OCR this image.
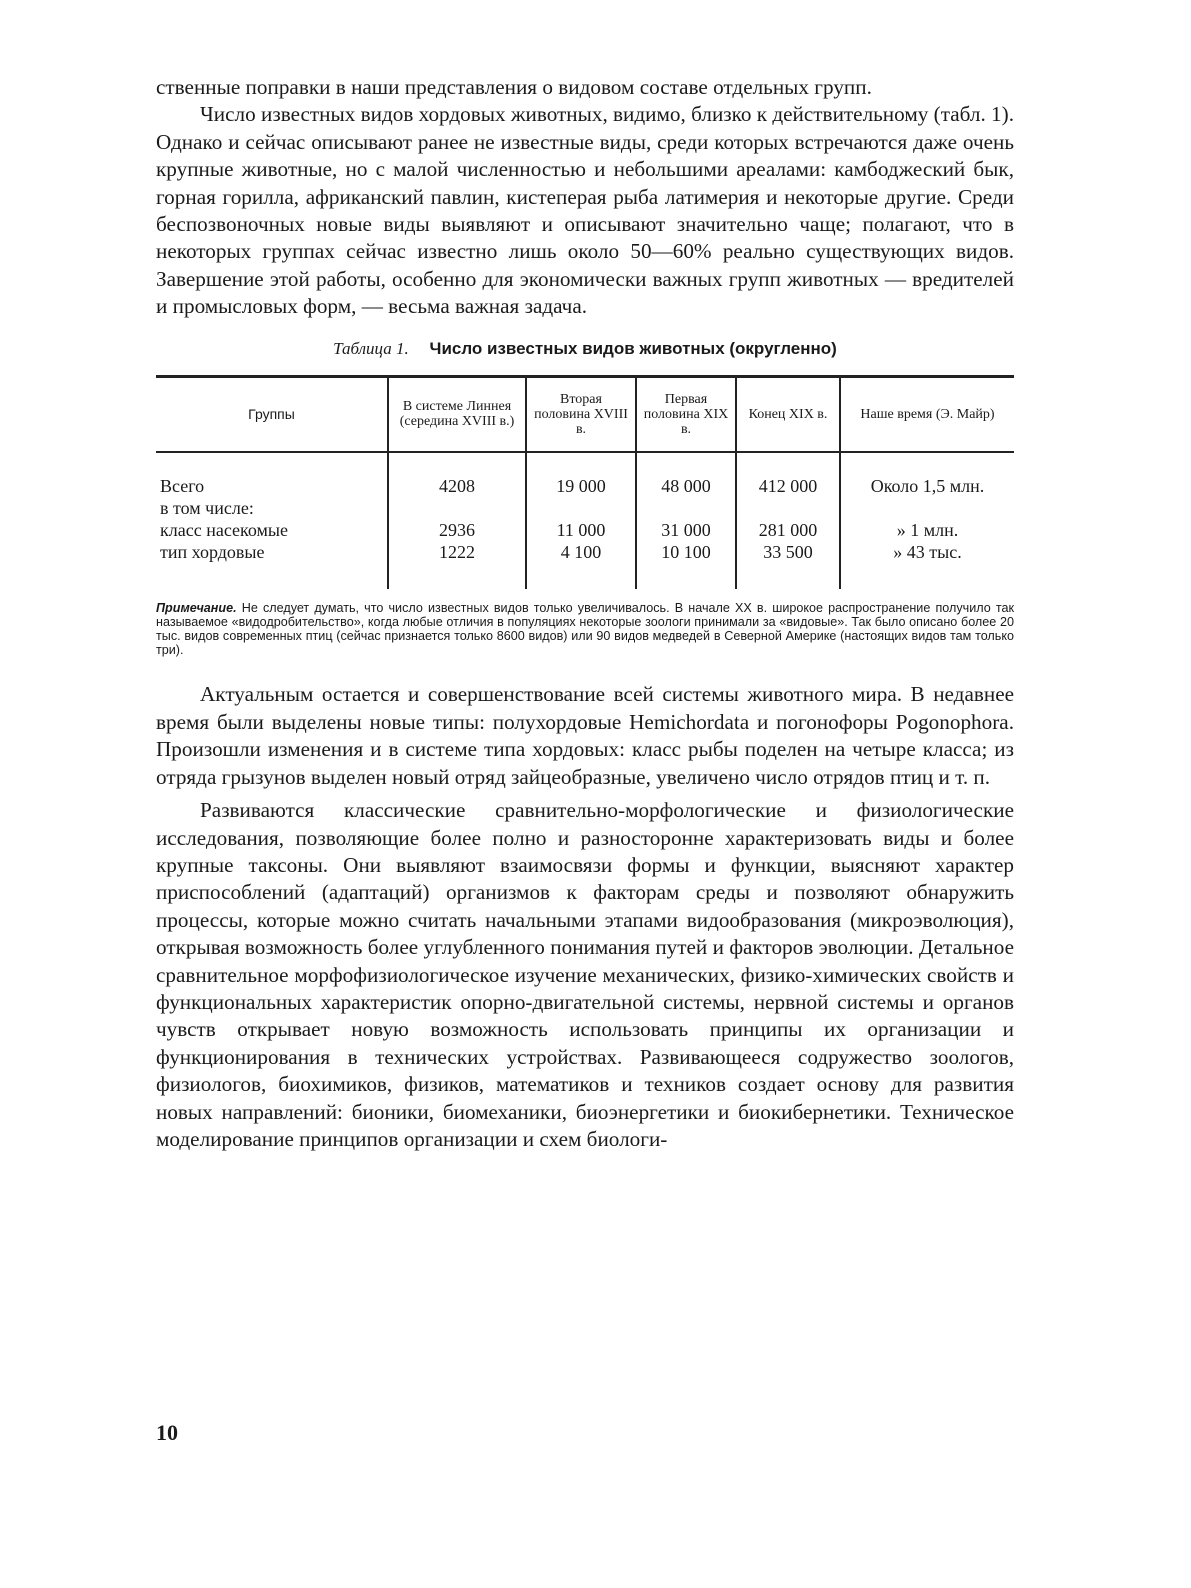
ственные поправки в наши представления о видовом составе отдельных групп.

Число известных видов хордовых животных, видимо, близко к действительному (табл. 1). Однако и сейчас описывают ранее не известные виды, среди которых встречаются даже очень крупные животные, но с малой численностью и небольшими ареалами: камбоджеский бык, горная горилла, африканский павлин, кистеперая рыба латимерия и некоторые другие. Среди беспозвоночных новые виды выявляют и описывают значительно чаще; полагают, что в некоторых группах сейчас известно лишь около 50—60% реально существующих видов. Завершение этой работы, особенно для экономически важных групп животных — вредителей и промысловых форм, — весьма важная задача.

Таблица 1. Число известных видов животных (округленно)
Группы	В системе Линнея (середина XVIII в.)	Вторая половина XVIII в.	Первая половина XIX в.	Конец XIX в.	Наше время (Э. Майр)
Всего	4208	19 000	48 000	412 000	Около 1,5 млн.
в том числе:					
класс насекомые	2936	11 000	31 000	281 000	» 1 млн.
тип хордовые	1222	4 100	10 100	33 500	» 43 тыс.
Примечание. Не следует думать, что число известных видов только увеличивалось. В начале XX в. широкое распространение получило так называемое «видодробительство», когда любые отличия в популяциях некоторые зоологи принимали за «видовые». Так было описано более 20 тыс. видов современных птиц (сейчас признается только 8600 видов) или 90 видов медведей в Северной Америке (настоящих видов там только три).

Актуальным остается и совершенствование всей системы животного мира. В недавнее время были выделены новые типы: полухордовые Hemichordata и погонофоры Pogonophora. Произошли изменения и в системе типа хордовых: класс рыбы поделен на четыре класса; из отряда грызунов выделен новый отряд зайцеобразные, увеличено число отрядов птиц и т. п.

Развиваются классические сравнительно-морфологические и физиологические исследования, позволяющие более полно и разносторонне характеризовать виды и более крупные таксоны. Они выявляют взаимосвязи формы и функции, выясняют характер приспособлений (адаптаций) организмов к факторам среды и позволяют обнаружить процессы, которые можно считать начальными этапами видообразования (микроэволюция), открывая возможность более углубленного понимания путей и факторов эволюции. Детальное сравнительное морфофизиологическое изучение механических, физико-химических свойств и функциональных характеристик опорно-двигательной системы, нервной системы и органов чувств открывает новую возможность использовать принципы их организации и функционирования в технических устройствах. Развивающееся содружество зоологов, физиологов, биохимиков, физиков, математиков и техников создает основу для развития новых направлений: бионики, биомеханики, биоэнергетики и биокибернетики. Техническое моделирование принципов организации и схем биологи-

10
